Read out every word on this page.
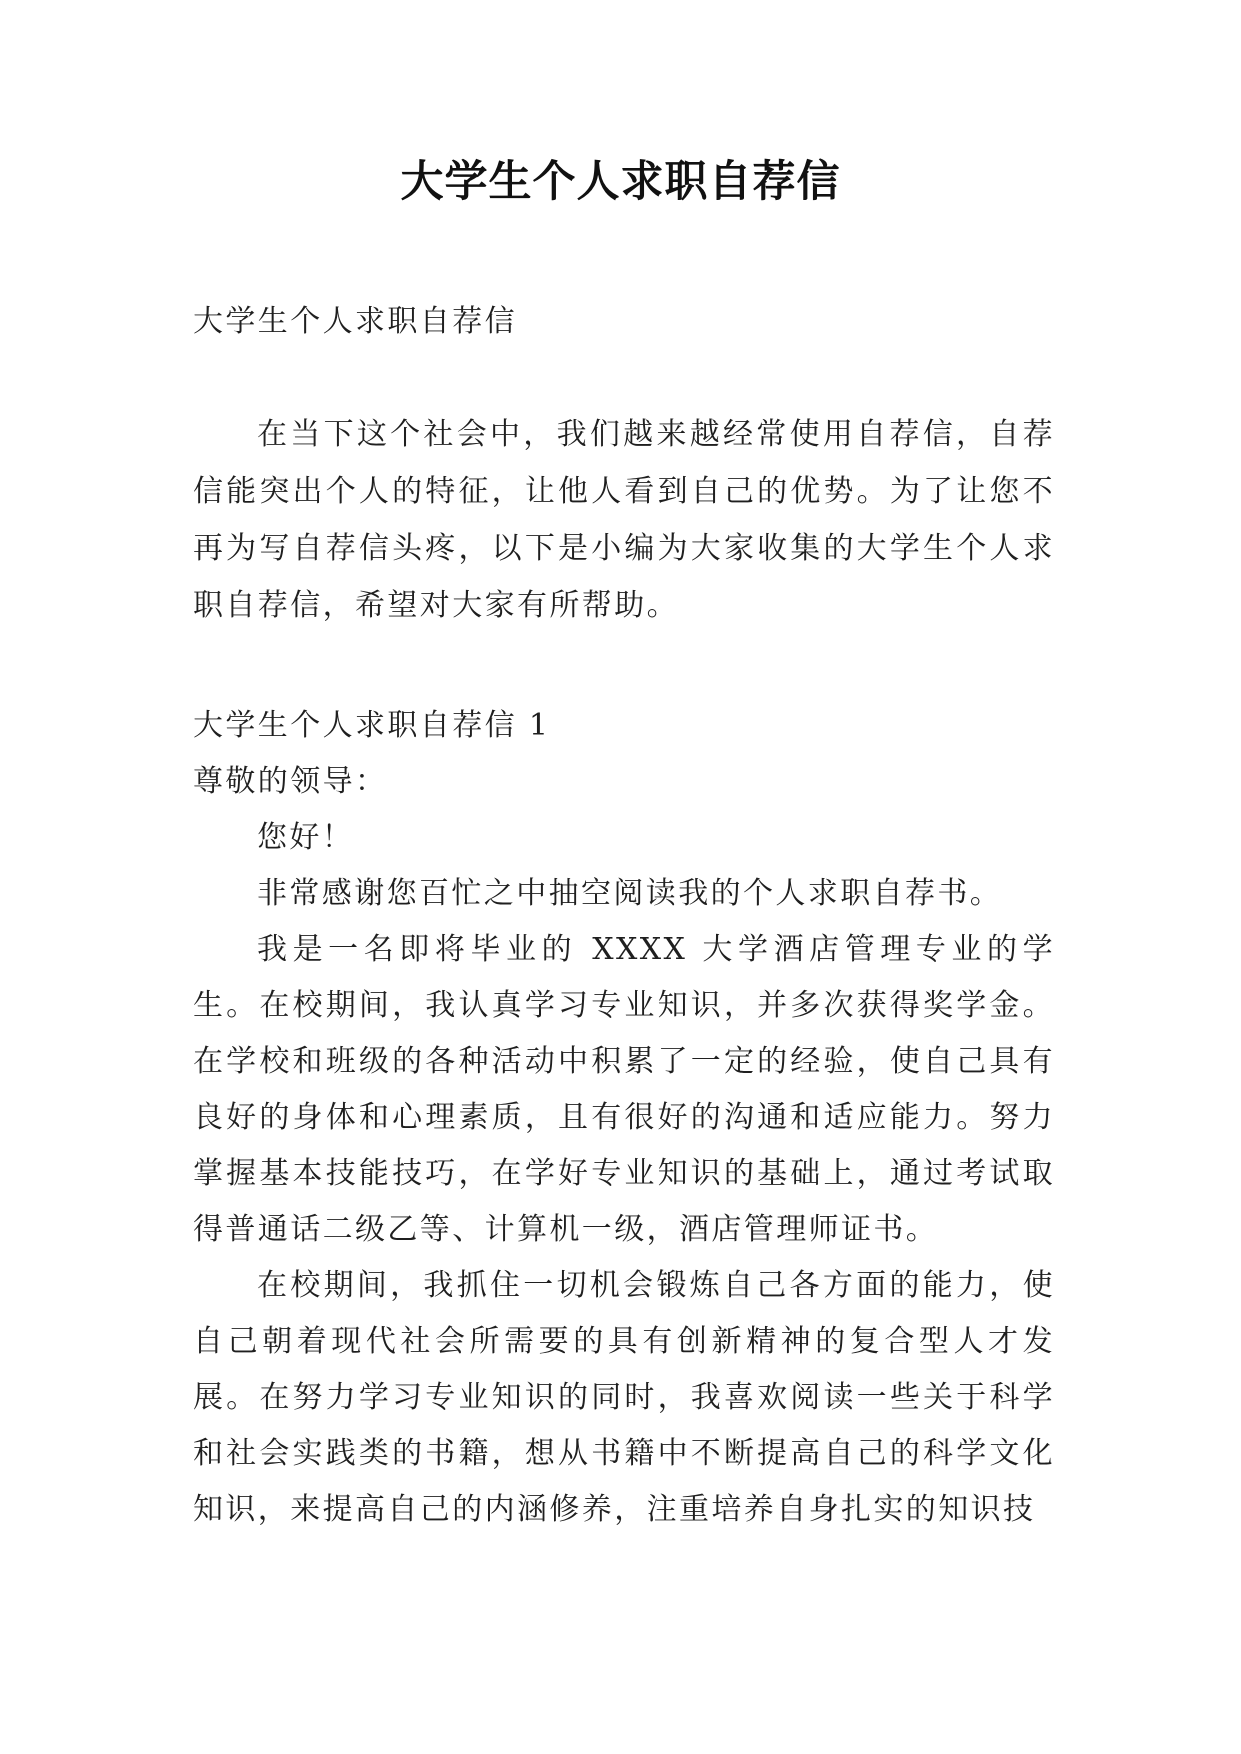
大学生个人求职自荐信

大学生个人求职自荐信

在当下这个社会中，我们越来越经常使用自荐信，自荐信能突出个人的特征，让他人看到自己的优势。为了让您不再为写自荐信头疼，以下是小编为大家收集的大学生个人求职自荐信，希望对大家有所帮助。

大学生个人求职自荐信 1

尊敬的领导：

您好！

非常感谢您百忙之中抽空阅读我的个人求职自荐书。

我是一名即将毕业的 XXXX 大学酒店管理专业的学生。在校期间，我认真学习专业知识，并多次获得奖学金。在学校和班级的各种活动中积累了一定的经验，使自己具有良好的身体和心理素质，且有很好的沟通和适应能力。努力掌握基本技能技巧，在学好专业知识的基础上，通过考试取得普通话二级乙等、计算机一级，酒店管理师证书。

在校期间，我抓住一切机会锻炼自己各方面的能力，使自己朝着现代社会所需要的具有创新精神的复合型人才发展。在努力学习专业知识的同时，我喜欢阅读一些关于科学和社会实践类的书籍，想从书籍中不断提高自己的科学文化知识，来提高自己的内涵修养，注重培养自身扎实的知识技
